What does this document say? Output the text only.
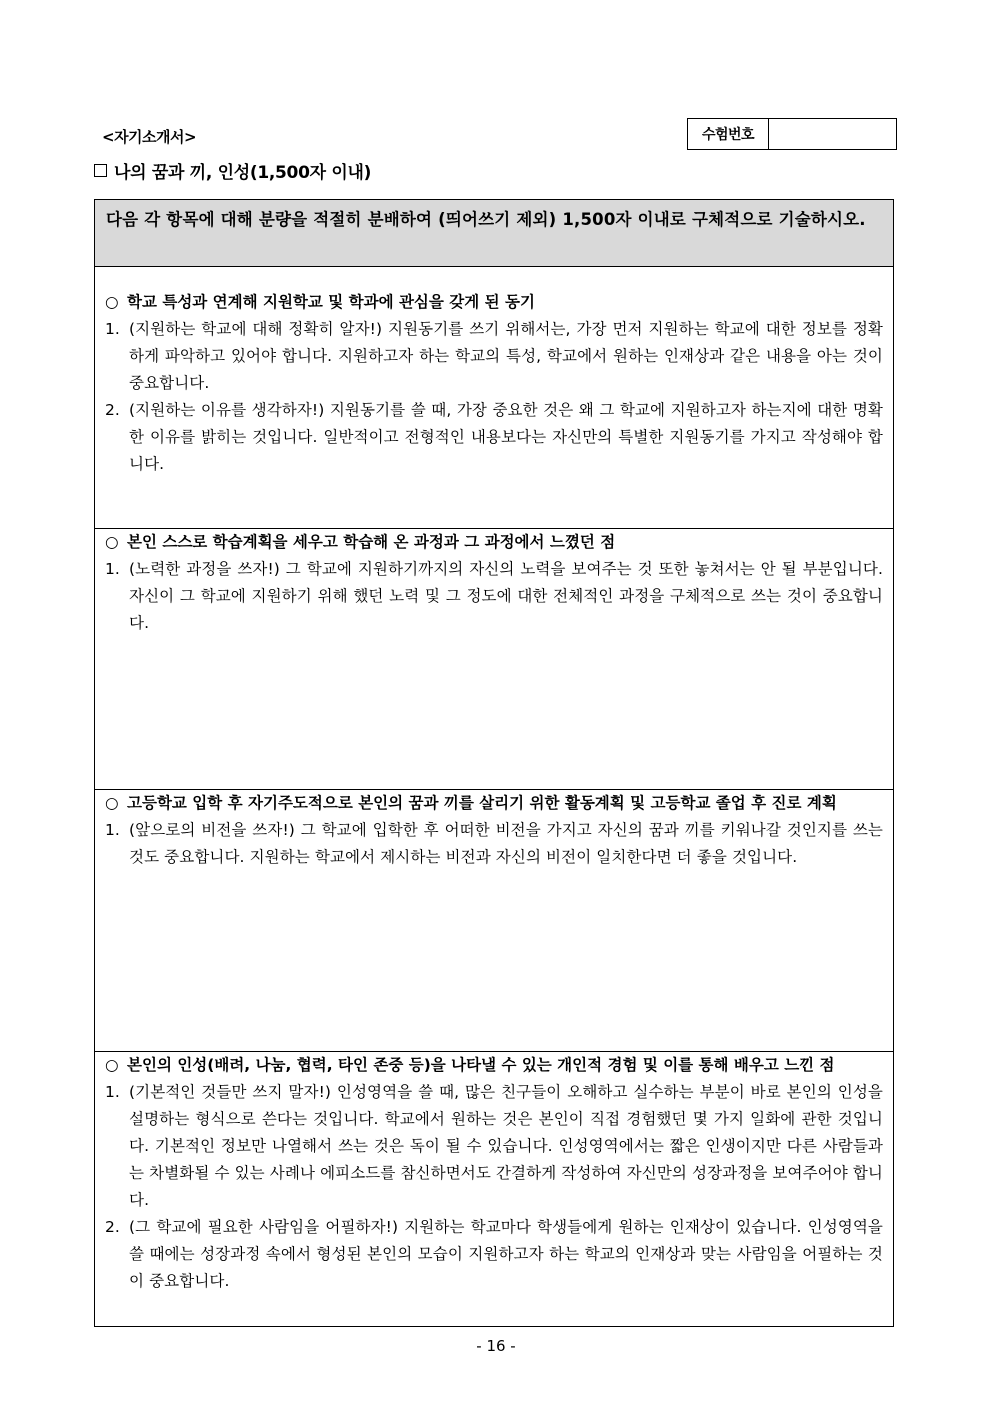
<자기소개서>	수험번호
나의 꿈과 끼, 인성(1,500자 이내)
다음 각 항목에 대해 분량을 적절히 분배하여 (띄어쓰기 제외) 1,500자 이내로 구체적으로 기술하시오.
○ 학교 특성과 연계해 지원학교 및 학과에 관심을 갖게 된 동기
1. (지원하는 학교에 대해 정확히 알자!) 지원동기를 쓰기 위해서는, 가장 먼저 지원하는 학교에 대한 정보를 정확하게 파악하고 있어야 합니다. 지원하고자 하는 학교의 특성, 학교에서 원하는 인재상과 같은 내용을 아는 것이 중요합니다.
2. (지원하는 이유를 생각하자!) 지원동기를 쓸 때, 가장 중요한 것은 왜 그 학교에 지원하고자 하는지에 대한 명확한 이유를 밝히는 것입니다. 일반적이고 전형적인 내용보다는 자신만의 특별한 지원동기를 가지고 작성해야 합니다.
○ 본인 스스로 학습계획을 세우고 학습해 온 과정과 그 과정에서 느꼈던 점
1. (노력한 과정을 쓰자!) 그 학교에 지원하기까지의 자신의 노력을 보여주는 것 또한 놓쳐서는 안 될 부분입니다. 자신이 그 학교에 지원하기 위해 했던 노력 및 그 정도에 대한 전체적인 과정을 구체적으로 쓰는 것이 중요합니다.
○ 고등학교 입학 후 자기주도적으로 본인의 꿈과 끼를 살리기 위한 활동계획 및 고등학교 졸업 후 진로 계획
1. (앞으로의 비전을 쓰자!) 그 학교에 입학한 후 어떠한 비전을 가지고 자신의 꿈과 끼를 키워나갈 것인지를 쓰는 것도 중요합니다. 지원하는 학교에서 제시하는 비전과 자신의 비전이 일치한다면 더 좋을 것입니다.
○ 본인의 인성(배려, 나눔, 협력, 타인 존중 등)을 나타낼 수 있는 개인적 경험 및 이를 통해 배우고 느낀 점
1. (기본적인 것들만 쓰지 말자!) 인성영역을 쓸 때, 많은 친구들이 오해하고 실수하는 부분이 바로 본인의 인성을 설명하는 형식으로 쓴다는 것입니다. 학교에서 원하는 것은 본인이 직접 경험했던 몇 가지 일화에 관한 것입니다. 기본적인 정보만 나열해서 쓰는 것은 독이 될 수 있습니다. 인성영역에서는 짧은 인생이지만 다른 사람들과는 차별화될 수 있는 사례나 에피소드를 참신하면서도 간결하게 작성하여 자신만의 성장과정을 보여주어야 합니다.
2. (그 학교에 필요한 사람임을 어필하자!) 지원하는 학교마다 학생들에게 원하는 인재상이 있습니다. 인성영역을 쓸 때에는 성장과정 속에서 형성된 본인의 모습이 지원하고자 하는 학교의 인재상과 맞는 사람임을 어필하는 것이 중요합니다.
- 16 -
